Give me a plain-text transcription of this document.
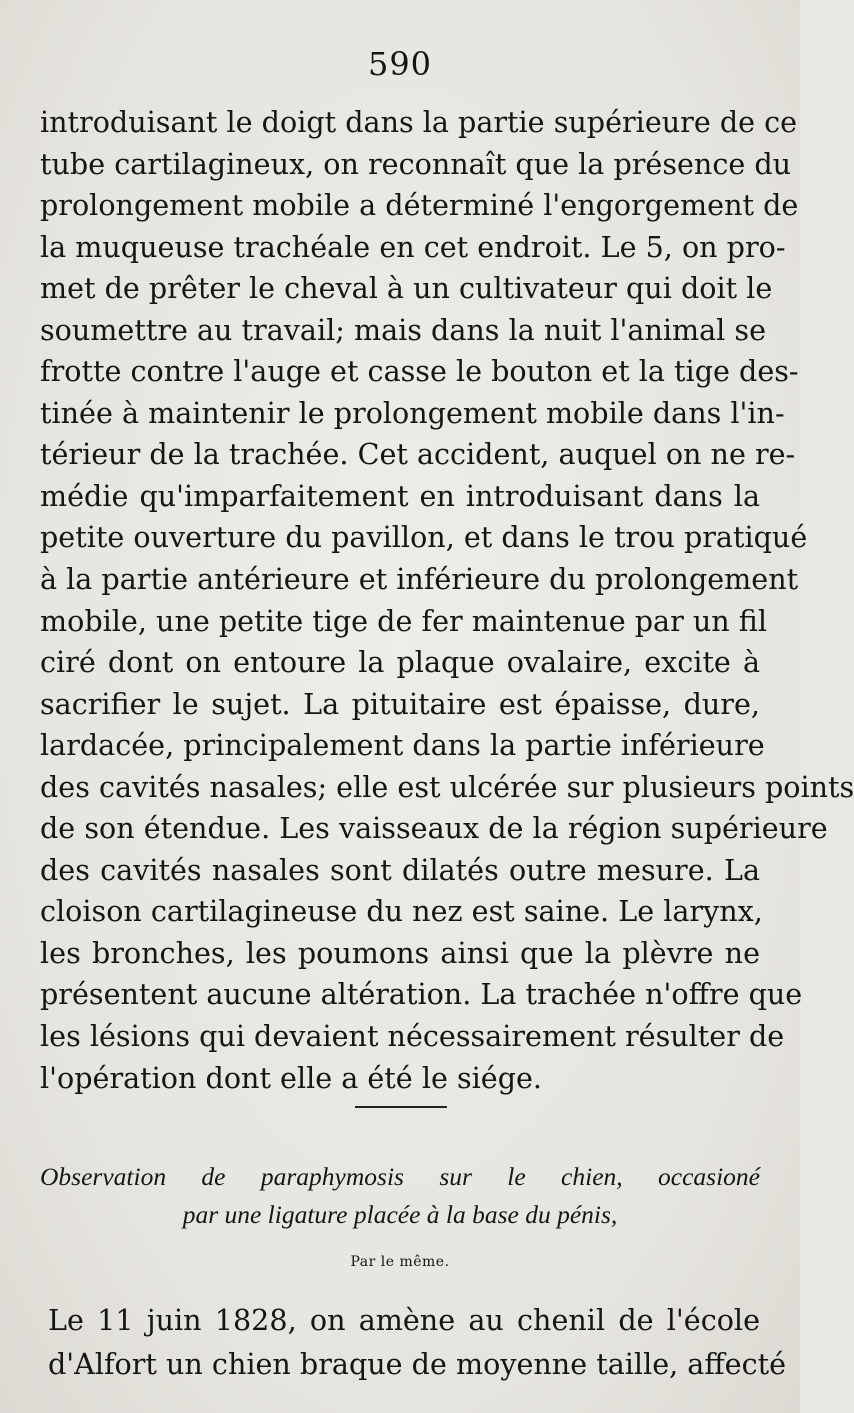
590
introduisant le doigt dans la partie supérieure de ce
tube cartilagineux, on reconnaît que la présence du
prolongement mobile a déterminé l'engorgement de
la muqueuse trachéale en cet endroit. Le 5, on pro-
met de prêter le cheval à un cultivateur qui doit le
soumettre au travail; mais dans la nuit l'animal se
frotte contre l'auge et casse le bouton et la tige des-
tinée à maintenir le prolongement mobile dans l'in-
térieur de la trachée. Cet accident, auquel on ne re-
médie qu'imparfaitement en introduisant dans la
petite ouverture du pavillon, et dans le trou pratiqué
à la partie antérieure et inférieure du prolongement
mobile, une petite tige de fer maintenue par un fil
ciré dont on entoure la plaque ovalaire, excite à
sacrifier le sujet. La pituitaire est épaisse, dure,
lardacée, principalement dans la partie inférieure
des cavités nasales; elle est ulcérée sur plusieurs points
de son étendue. Les vaisseaux de la région supérieure
des cavités nasales sont dilatés outre mesure. La
cloison cartilagineuse du nez est saine. Le larynx,
les bronches, les poumons ainsi que la plèvre ne
présentent aucune altération. La trachée n'offre que
les lésions qui devaient nécessairement résulter de
l'opération dont elle a été le siége.
Observation de paraphymosis sur le chien, occasioné
par une ligature placée à la base du pénis,
Par le même.
Le 11 juin 1828, on amène au chenil de l'école
d'Alfort un chien braque de moyenne taille, affecté
